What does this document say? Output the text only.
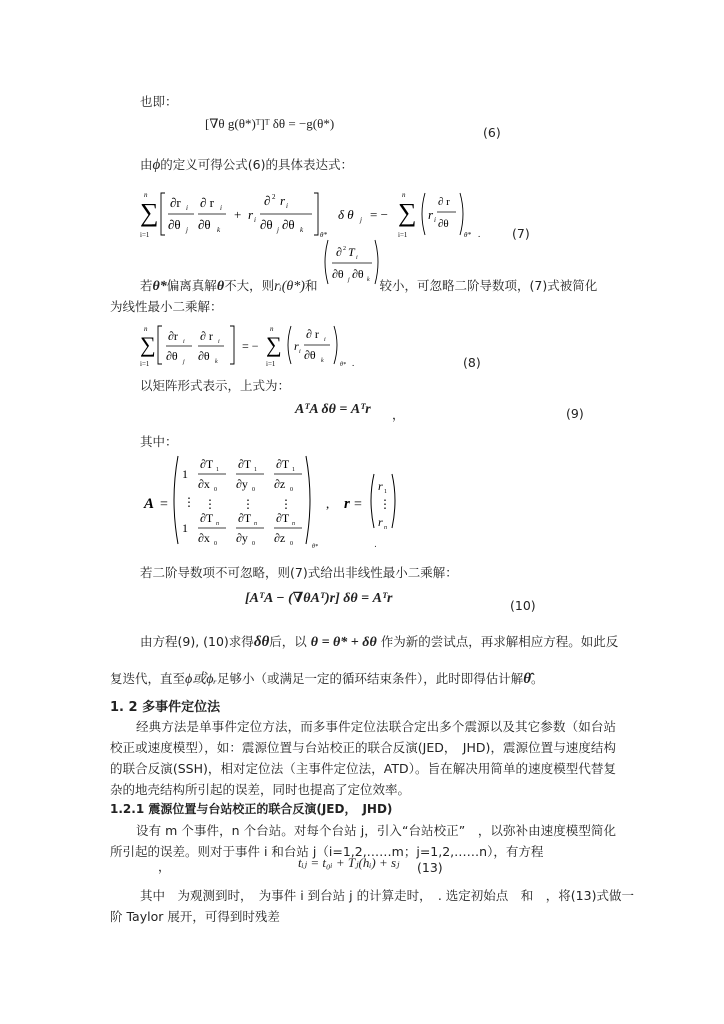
也即：
[∇θ g(θ*)ᵀ]ᵀ δθ = −g(θ*)
(6)
由ϕ的定义可得公式(6)的具体表达式：
∑
n
i=1
∂r i
∂θ j
∂ r i
∂θ k
+ r i
∂ 2 r i
∂θ j ∂θ k
θ*
δ θ j = − ∑
n
i=1
r i
∂ r
∂θ
θ* .	(7)
∂ 2 T i
∂θ j ∂θ k
若θ*偏离真解θ不大，则rᵢ(θ*)和	较小，可忽略二阶导数项，(7)式被简化
为线性最小二乘解：
∑
n
i=1
∂r i
∂θ j
∂ r i
∂θ k
= − ∑
n
i=1
r i
∂ r i
∂θ k
θ* .	(8)
以矩阵形式表示，上式为：
AᵀA δθ = Aᵀr ，	(9)
其中：
A =
1
⋮
1
∂T 1
∂x 0
⋮
∂T n
∂x 0
∂T 1
∂y 0
⋮
∂T n
∂y 0
∂T 1
∂z 0
⋮
∂T n
∂z 0	θ*
, r =
r 1
⋮
r n
.
若二阶导数项不可忽略，则(7)式给出非线性最小二乘解：
[AᵀA − (∇θAᵀ)r] δθ = Aᵀr	(10)
由方程(9), (10)求得δθ后，以 θ = θ* + δθ 作为新的尝试点，再求解相应方程。如此反
复迭代，直至ϕ或ϕᵣ足够小（或满足一定的循环结束条件），此时即得估计解θ̂。
1. 2 多事件定位法
经典方法是单事件定位方法，而多事件定位法联合定出多个震源以及其它参数（如台站校正或速度模型），如：震源位置与台站校正的联合反演(JED，　JHD)，震源位置与速度结构的联合反演(SSH)，相对定位法（主事件定位法，ATD）。旨在解决用简单的速度模型代替复杂的地壳结构所引起的误差，同时也提高了定位效率。
1.2.1 震源位置与台站校正的联合反演(JED，　JHD)
设有 m 个事件，n 个台站。对每个台站 j，引入“台站校正”　，以弥补由速度模型简化所引起的误差。则对于事件 i 和台站 j（i=1,2,……m；j=1,2,……n），有方程
，	tᵢⱼ = t₀ᵢ + Tⱼ(hᵢ) + sⱼ (13)
其中　为观测到时，　为事件 i 到台站 j 的计算走时，　. 选定初始点　和　，将(13)式做一
阶 Taylor 展开，可得到时残差
